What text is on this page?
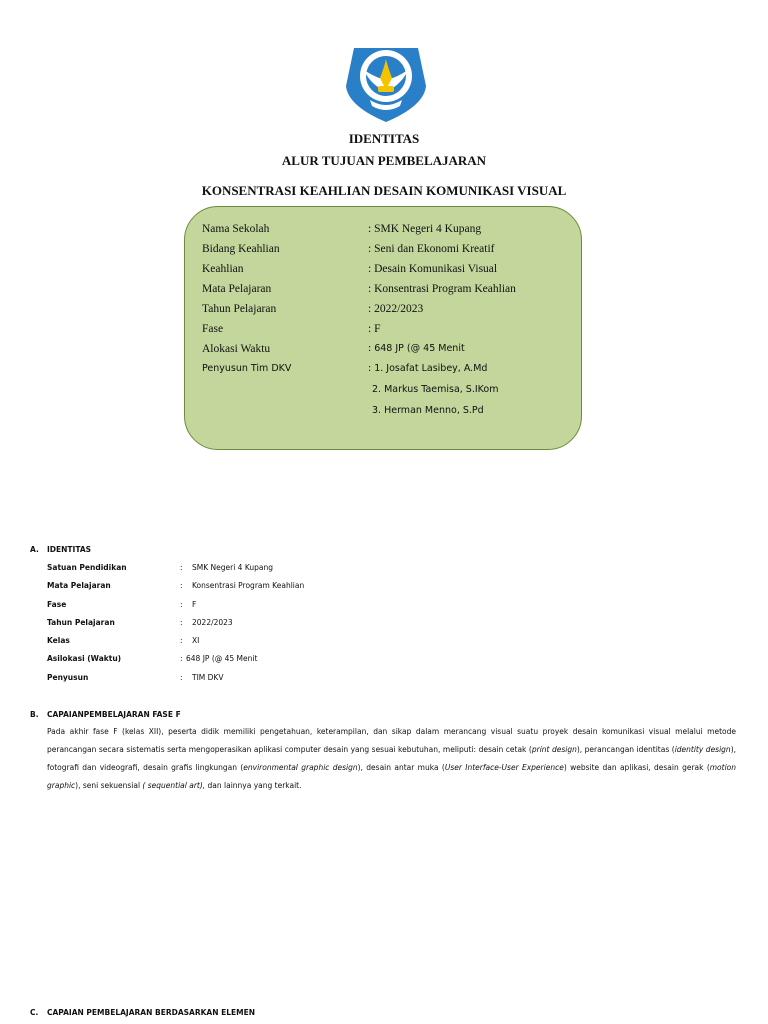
IDENTITAS
ALUR TUJUAN PEMBELAJARAN
KONSENTRASI KEAHLIAN DESAIN KOMUNIKASI VISUAL
Nama Sekolah	: SMK Negeri 4 Kupang
Bidang Keahlian	: Seni dan Ekonomi Kreatif
Keahlian	: Desain Komunikasi Visual
Mata Pelajaran	: Konsentrasi Program Keahlian
Tahun Pelajaran	: 2022/2023
Fase	: F
Alokasi Waktu	: 648 JP (@ 45 Menit
Penyusun Tim DKV	: 1. Josafat Lasibey, A.Md
2. Markus Taemisa, S.IKom
3. Herman Menno, S.Pd
A. IDENTITAS
Satuan Pendidikan	: SMK Negeri 4 Kupang
Mata Pelajaran	: Konsentrasi Program Keahlian
Fase	: F
Tahun Pelajaran	: 2022/2023
Kelas	: XI
Asilokasi (Waktu)	: 648 JP (@ 45 Menit
Penyusun	: TIM DKV
B. CAPAIANPEMBELAJARAN FASE F
Pada akhir fase F (kelas XII), peserta didik memiliki pengetahuan, keterampilan, dan sikap dalam merancang visual suatu proyek desain komunikasi visual melalui metode perancangan secara sistematis serta mengoperasikan aplikasi computer desain yang sesuai kebutuhan, meliputi: desain cetak (print design), perancangan identitas (identity design), fotografi dan videografi, desain grafis lingkungan (environmental graphic design), desain antar muka (User Interface-User Experience) website dan aplikasi, desain gerak (motion graphic), seni sekuensial ( sequential art), dan lainnya yang terkait.
C. CAPAIAN PEMBELAJARAN BERDASARKAN ELEMEN
